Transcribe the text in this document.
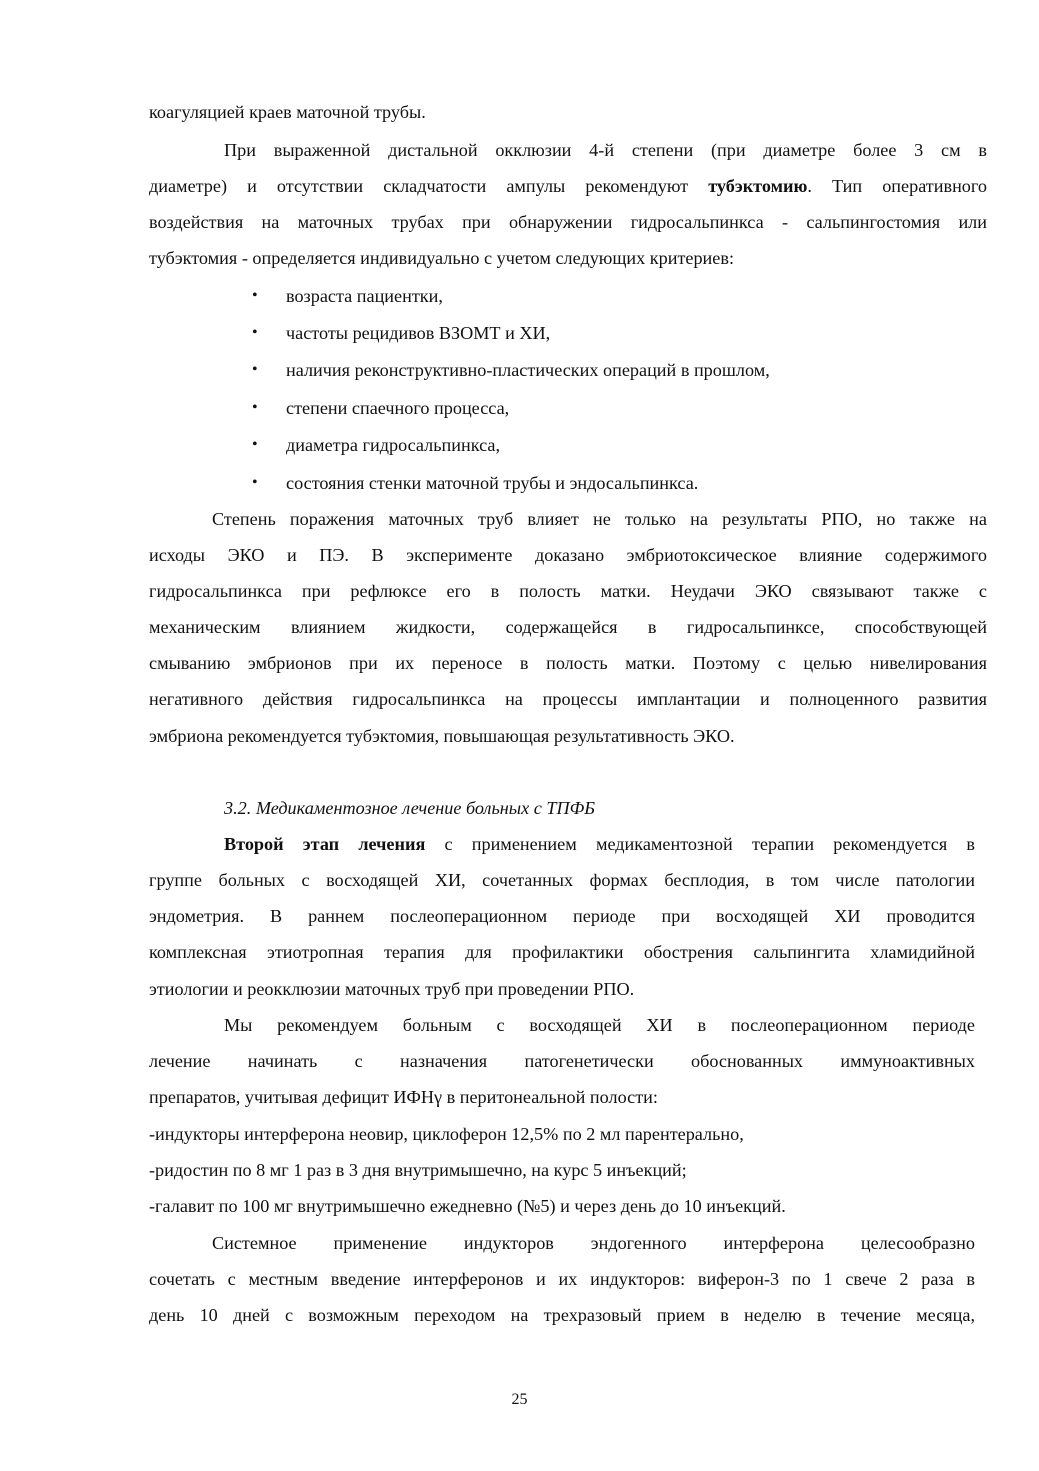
коагуляцией краев маточной трубы.
При выраженной дистальной окклюзии 4-й степени (при диаметре более 3 см в
диаметре) и отсутствии складчатости ампулы рекомендуют тубэктомию. Тип оперативного
воздействия на маточных трубах при обнаружении гидросальпинкса - сальпингостомия или
тубэктомия - определяется индивидуально с учетом следующих критериев:
•	возраста пациентки,
•	частоты рецидивов ВЗОМТ и ХИ,
•	наличия реконструктивно-пластических операций в прошлом,
•	степени спаечного процесса,
•	диаметра гидросальпинкса,
•	состояния стенки маточной трубы и эндосальпинкса.
Степень поражения маточных труб влияет не только на результаты РПО, но также на
исходы ЭКО и ПЭ. В эксперименте доказано эмбриотоксическое влияние содержимого
гидросальпинкса при рефлюксе его в полость матки. Неудачи ЭКО связывают также с
механическим влиянием жидкости, содержащейся в гидросальпинксе, способствующей
смыванию эмбрионов при их переносе в полость матки. Поэтому с целью нивелирования
негативного действия гидросальпинкса на процессы имплантации и полноценного развития
эмбриона рекомендуется тубэктомия, повышающая результативность ЭКО.
3.2. Медикаментозное лечение больных с ТПФБ
Второй этап лечения с применением медикаментозной терапии рекомендуется в
группе больных с восходящей ХИ, сочетанных формах бесплодия, в том числе патологии
эндометрия. В раннем послеоперационном периоде при восходящей ХИ проводится
комплексная этиотропная терапия для профилактики обострения сальпингита хламидийной
этиологии и реокклюзии маточных труб при проведении РПО.
Мы рекомендуем больным с восходящей ХИ в послеоперационном периоде
лечение начинать с назначения патогенетически обоснованных иммуноактивных
препаратов, учитывая дефицит ИФНγ в перитонеальной полости:
-индукторы интерферона неовир, циклоферон 12,5% по 2 мл парентерально,
-ридостин по 8 мг 1 раз в 3 дня внутримышечно, на курс 5 инъекций;
-галавит по 100 мг внутримышечно ежедневно (№5) и через день до 10 инъекций.
Системное применение индукторов эндогенного интерферона целесообразно
сочетать с местным введение интерферонов и их индукторов: виферон-3 по 1 свече 2 раза в
день 10 дней с возможным переходом на трехразовый прием в неделю в течение месяца,
25
